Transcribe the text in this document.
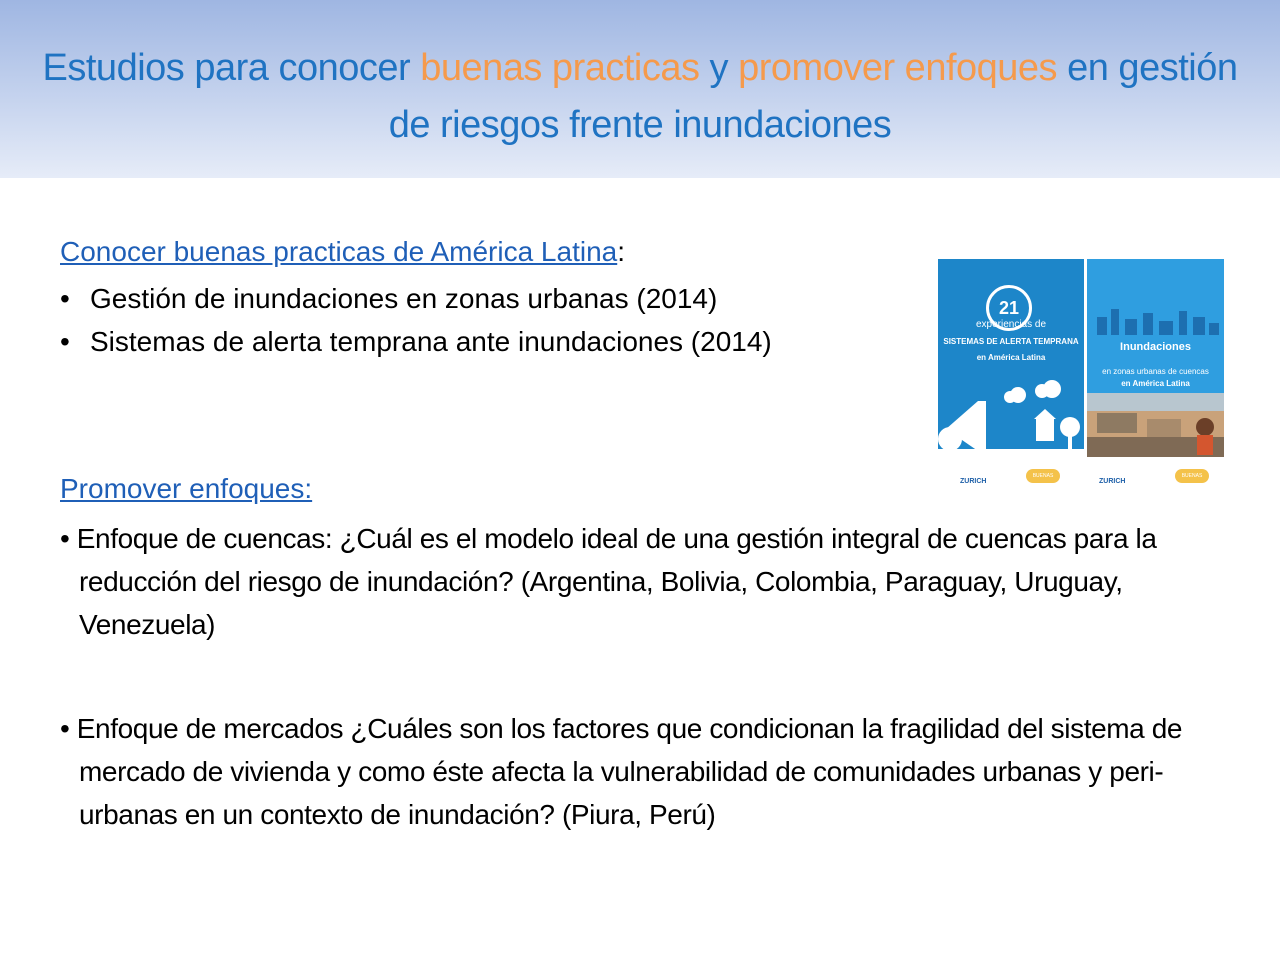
Estudios para conocer buenas practicas y promover enfoques en gestión de riesgos frente inundaciones
Conocer buenas practicas de América Latina:
• Gestión de inundaciones en zonas urbanas (2014)
• Sistemas de alerta temprana ante inundaciones (2014)
Promover enfoques:
• Enfoque de cuencas: ¿Cuál es el modelo ideal de una gestión integral de cuencas para la reducción del riesgo de inundación? (Argentina, Bolivia, Colombia, Paraguay, Uruguay, Venezuela)
• Enfoque de mercados ¿Cuáles son los factores que condicionan la fragilidad del sistema de mercado de vivienda y como éste afecta la vulnerabilidad de comunidades urbanas y peri-urbanas en un contexto de inundación? (Piura, Perú)
21
experiencias de
SISTEMAS DE ALERTA TEMPRANA
en América Latina
ZURICH
BUENAS PRÁCTICAS
Inundaciones
en zonas urbanas de cuencas
en América Latina
ZURICH
BUENAS PRÁCTICAS
